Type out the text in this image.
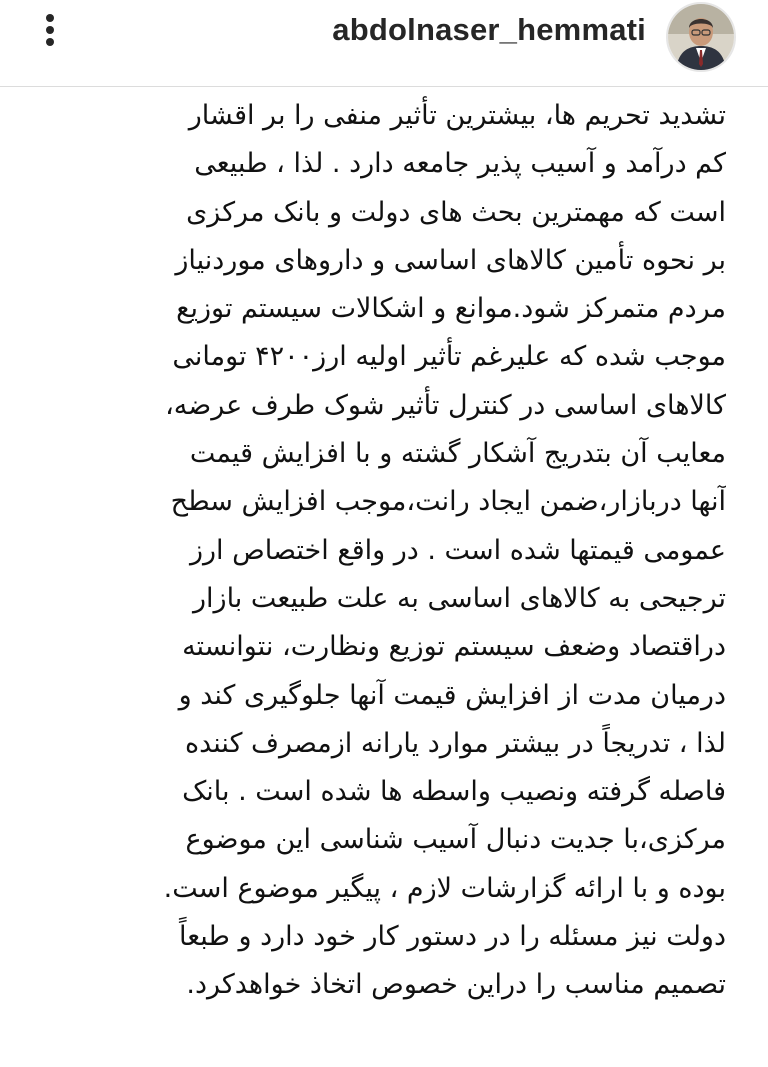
abdolnaser_hemmati
تشدید تحریم ها، بیشترین تأثیر منفی را بر اقشار
کم درآمد و آسیب پذیر جامعه دارد . لذا ، طبیعی
است که مهمترین بحث های دولت و بانک مرکزی
بر نحوه تأمین کالاهای اساسی و داروهای موردنیاز
مردم متمرکز شود.موانع و اشکالات سیستم توزیع
موجب شده که علیرغم تأثیر اولیه ارز۴۲۰۰ تومانی
کالاهای اساسی در کنترل تأثیر شوک طرف عرضه،
معایب آن بتدریج آشکار گشته و با افزایش قیمت
آنها دربازار،ضمن ایجاد رانت،موجب افزایش سطح
عمومی قیمتها شده است . در واقع اختصاص ارز
ترجیحی به کالاهای اساسی به علت طبیعت بازار
دراقتصاد وضعف سیستم توزیع ونظارت، نتوانسته
درمیان مدت از افزایش قیمت آنها جلوگیری کند و
لذا ، تدریجاً در بیشتر موارد یارانه ازمصرف کننده
فاصله گرفته ونصیب واسطه ها شده است . بانک
مرکزی،با جدیت دنبال آسیب شناسی این موضوع
بوده و با ارائه گزارشات لازم ، پیگیر موضوع است.
دولت نیز مسئله را در دستور کار خود دارد و طبعاً
تصمیم مناسب را دراین خصوص اتخاذ خواهدکرد.
